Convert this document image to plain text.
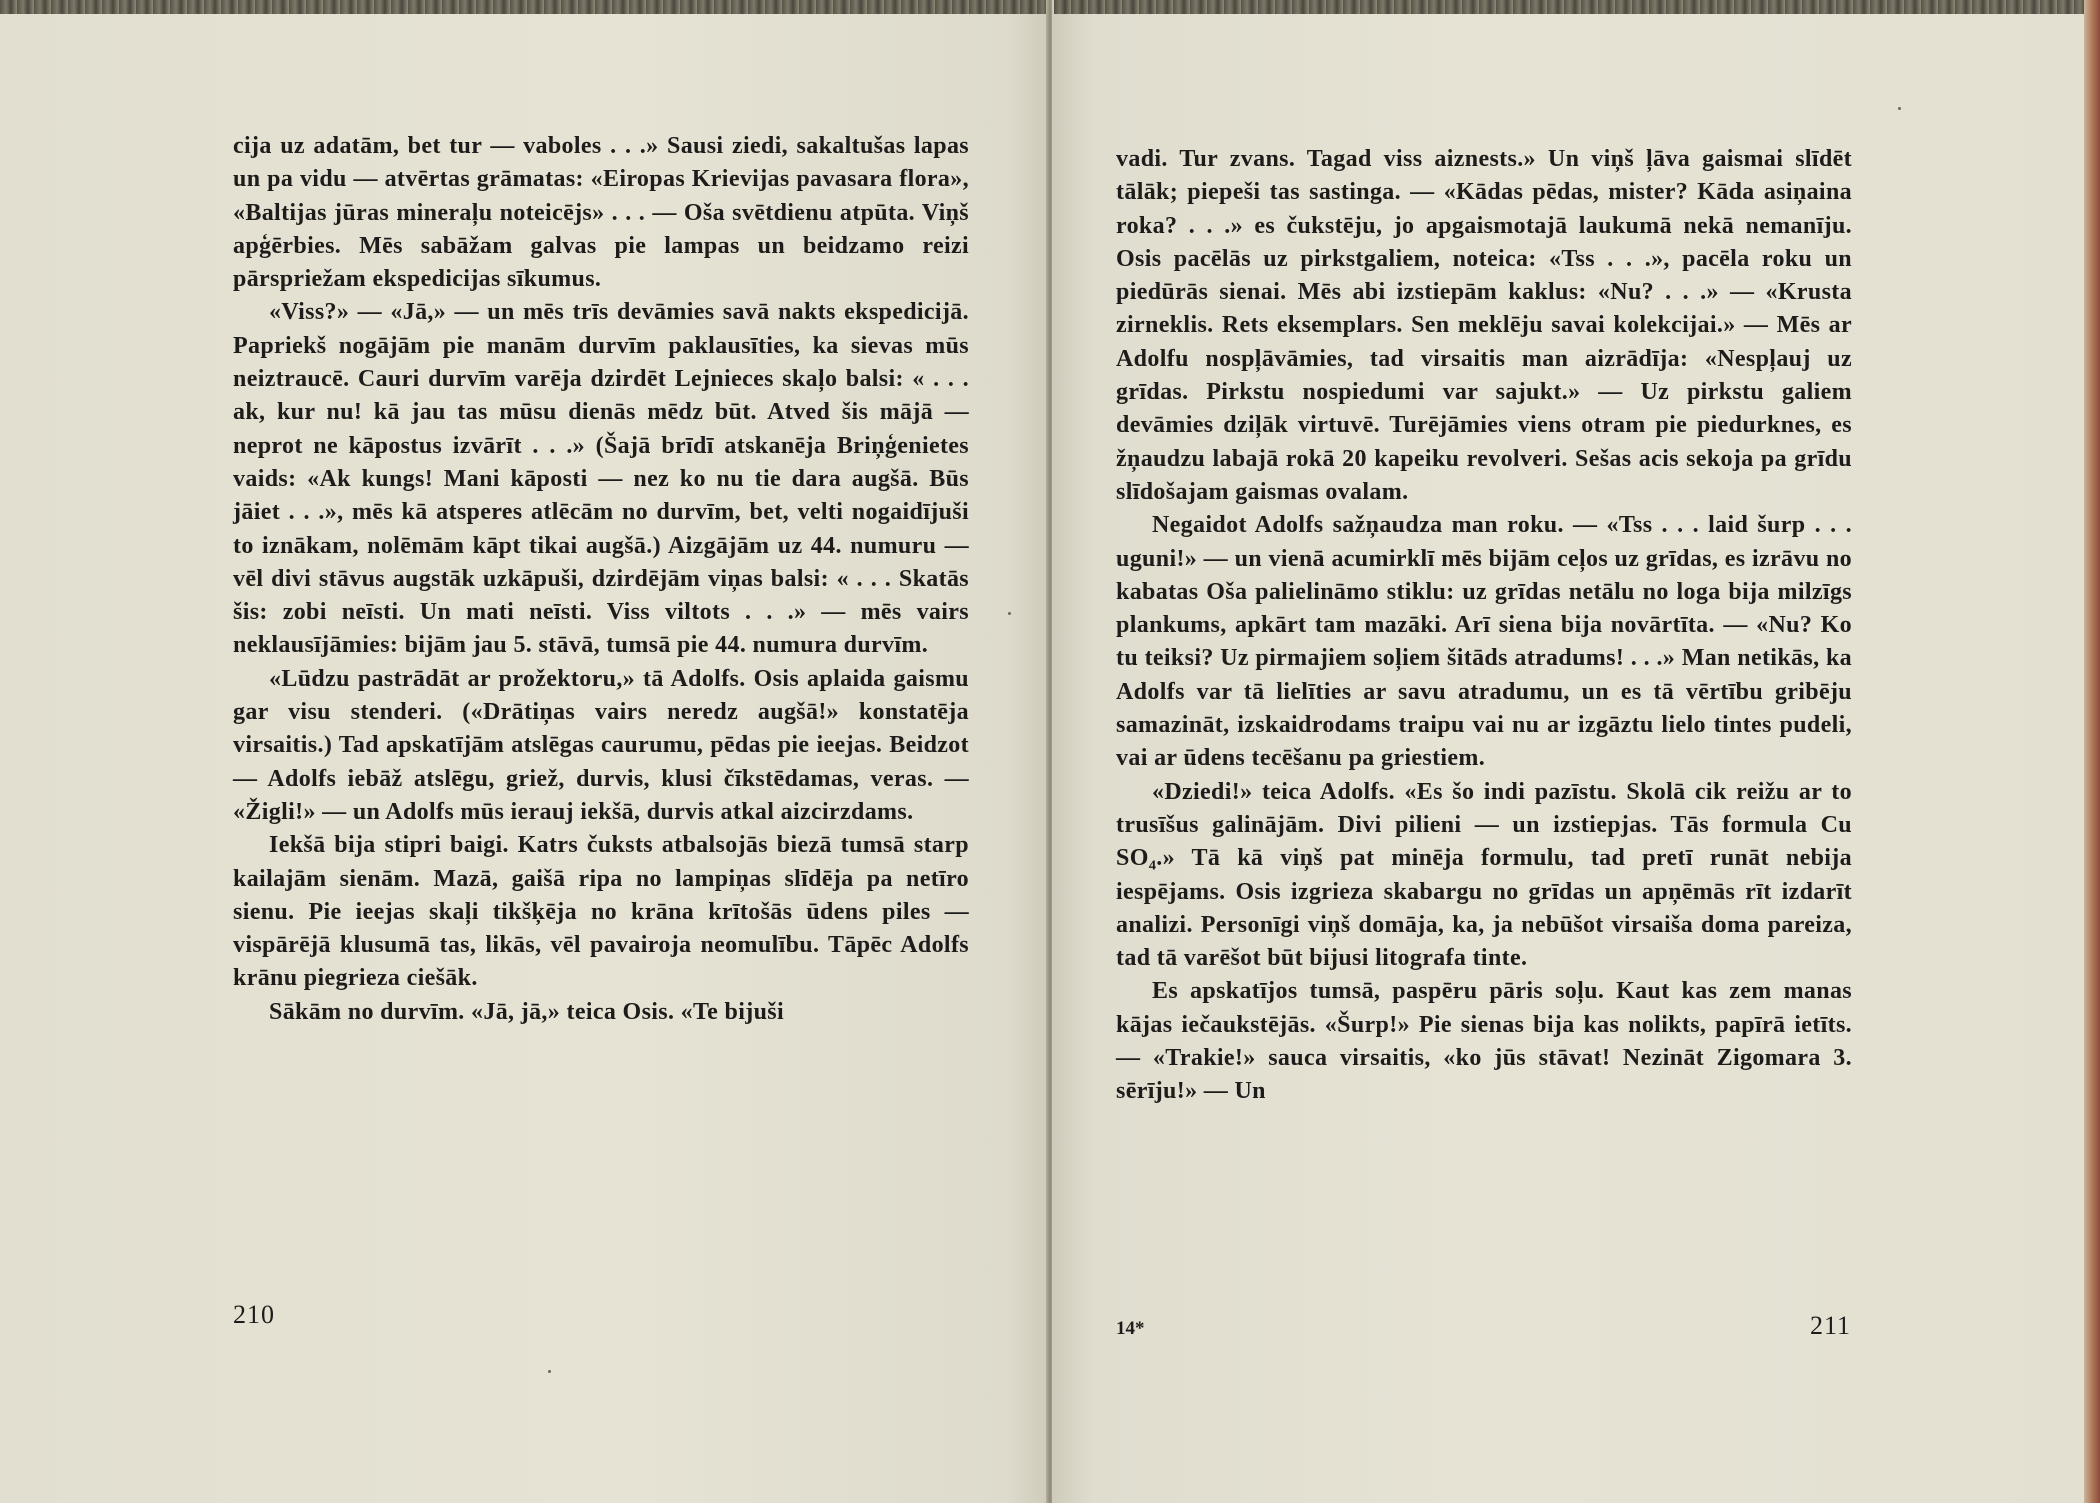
cija uz adatām, bet tur — vaboles . . .» Sausi ziedi, sakaltušas lapas un pa vidu — atvērtas grāmatas: «Eiropas Krievijas pavasara flora», «Baltijas jūras mineraļu noteicējs» . . . — Oša svētdienu atpūta. Viņš apģērbies. Mēs sabāžam galvas pie lampas un beidzamo reizi pārspriežam ekspedicijas sīkumus.

«Viss?» — «Jā,» — un mēs trīs devāmies savā nakts ekspedicijā. Papriekš nogājām pie manām durvīm paklausīties, ka sievas mūs neiztraucē. Cauri durvīm varēja dzirdēt Lejnieces skaļo balsi: « . . . ak, kur nu! kā jau tas mūsu dienās mēdz būt. Atved šis mājā — neprot ne kāpostus izvārīt . . .» (Šajā brīdī atskanēja Briņģenietes vaids: «Ak kungs! Mani kāposti — nez ko nu tie dara augšā. Būs jāiet . . .», mēs kā atsperes atlēcām no durvīm, bet, velti nogaidījuši to iznākam, nolēmām kāpt tikai augšā.) Aizgājām uz 44. numuru — vēl divi stāvus augstāk uzkāpuši, dzirdējām viņas balsi: « . . . Skatās šis: zobi neīsti. Un mati neīsti. Viss viltots . . .» — mēs vairs neklausījāmies: bijām jau 5. stāvā, tumsā pie 44. numura durvīm.

«Lūdzu pastrādāt ar prožektoru,» tā Adolfs. Osis aplaida gaismu gar visu stenderi. («Drātiņas vairs neredz augšā!» konstatēja virsaitis.) Tad apskatījām atslēgas caurumu, pēdas pie ieejas. Beidzot — Adolfs iebāž atslēgu, griež, durvis, klusi čīkstēdamas, veras. — «Žigli!» — un Adolfs mūs ierauj iekšā, durvis atkal aizcirzdams.

Iekšā bija stipri baigi. Katrs čuksts atbalsojās biezā tumsā starp kailajām sienām. Mazā, gaišā ripa no lampiņas slīdēja pa netīro sienu. Pie ieejas skaļi tikšķēja no krāna krītošās ūdens piles — vispārējā klusumā tas, likās, vēl pavairoja neomulību. Tāpēc Adolfs krānu piegrieza ciešāk.

Sākām no durvīm. «Jā, jā,» teica Osis. «Te bijuši

210

vadi. Tur zvans. Tagad viss aiznests.» Un viņš ļāva gaismai slīdēt tālāk; piepeši tas sastinga. — «Kādas pēdas, mister? Kāda asiņaina roka? . . .» es čukstēju, jo apgaismotajā laukumā nekā nemanīju. Osis pacēlās uz pirkstgaliem, noteica: «Tss . . .», pacēla roku un piedūrās sienai. Mēs abi izstiepām kaklus: «Nu? . . .» — «Krusta zirneklis. Rets eksemplars. Sen meklēju savai kolekcijai.» — Mēs ar Adolfu nospļāvāmies, tad virsaitis man aizrādīja: «Nespļauj uz grīdas. Pirkstu nospiedumi var sajukt.» — Uz pirkstu galiem devāmies dziļāk virtuvē. Turējāmies viens otram pie piedurknes, es žņaudzu labajā rokā 20 kapeiku revolveri. Sešas acis sekoja pa grīdu slīdošajam gaismas ovalam.

Negaidot Adolfs sažņaudza man roku. — «Tss . . . laid šurp . . . uguni!» — un vienā acumirklī mēs bijām ceļos uz grīdas, es izrāvu no kabatas Oša palielināmo stiklu: uz grīdas netālu no loga bija milzīgs plankums, apkārt tam mazāki. Arī siena bija novārtīta. — «Nu? Ko tu teiksi? Uz pirmajiem soļiem šitāds atradums! . . .» Man netikās, ka Adolfs var tā lielīties ar savu atradumu, un es tā vērtību gribēju samazināt, izskaidrodams traipu vai nu ar izgāztu lielo tintes pudeli, vai ar ūdens tecēšanu pa griestiem.

«Dziedi!» teica Adolfs. «Es šo indi pazīstu. Skolā cik reižu ar to trusīšus galinājām. Divi pilieni — un izstiepjas. Tās formula Cu SO₄.» Tā kā viņš pat minēja formulu, tad pretī runāt nebija iespējams. Osis izgrieza skabargu no grīdas un apņēmās rīt izdarīt analizi. Personīgi viņš domāja, ka, ja nebūšot virsaiša doma pareiza, tad tā varēšot būt bijusi litografa tinte.

Es apskatījos tumsā, paspēru pāris soļu. Kaut kas zem manas kājas iečaukstējās. «Šurp!» Pie sienas bija kas nolikts, papīrā ietīts. — «Trakie!» sauca virsaitis, «ko jūs stāvat! Nezināt Zigomara 3. sērīju!» — Un

14*	211
